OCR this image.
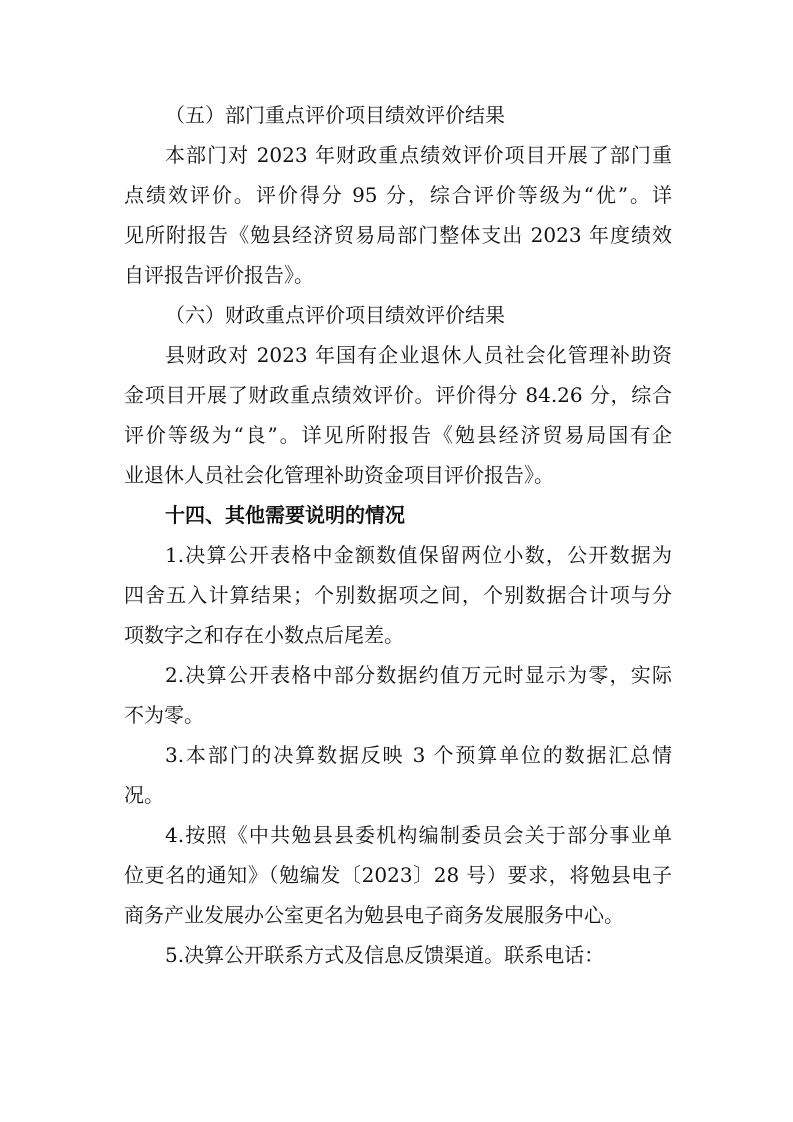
（五）部门重点评价项目绩效评价结果
本部门对 2023 年财政重点绩效评价项目开展了部门重
点绩效评价。评价得分 95 分，综合评价等级为“优”。详
见所附报告《勉县经济贸易局部门整体支出 2023 年度绩效
自评报告评价报告》。
（六）财政重点评价项目绩效评价结果
县财政对 2023 年国有企业退休人员社会化管理补助资
金项目开展了财政重点绩效评价。评价得分 84.26 分，综合
评价等级为“良”。详见所附报告《勉县经济贸易局国有企
业退休人员社会化管理补助资金项目评价报告》。
十四、其他需要说明的情况
1.决算公开表格中金额数值保留两位小数，公开数据为
四舍五入计算结果；个别数据项之间，个别数据合计项与分
项数字之和存在小数点后尾差。
2.决算公开表格中部分数据约值万元时显示为零，实际
不为零。
3.本部门的决算数据反映 3 个预算单位的数据汇总情
况。
4.按照《中共勉县县委机构编制委员会关于部分事业单
位更名的通知》（勉编发〔2023〕28 号）要求，将勉县电子
商务产业发展办公室更名为勉县电子商务发展服务中心。
5.决算公开联系方式及信息反馈渠道。联系电话：
